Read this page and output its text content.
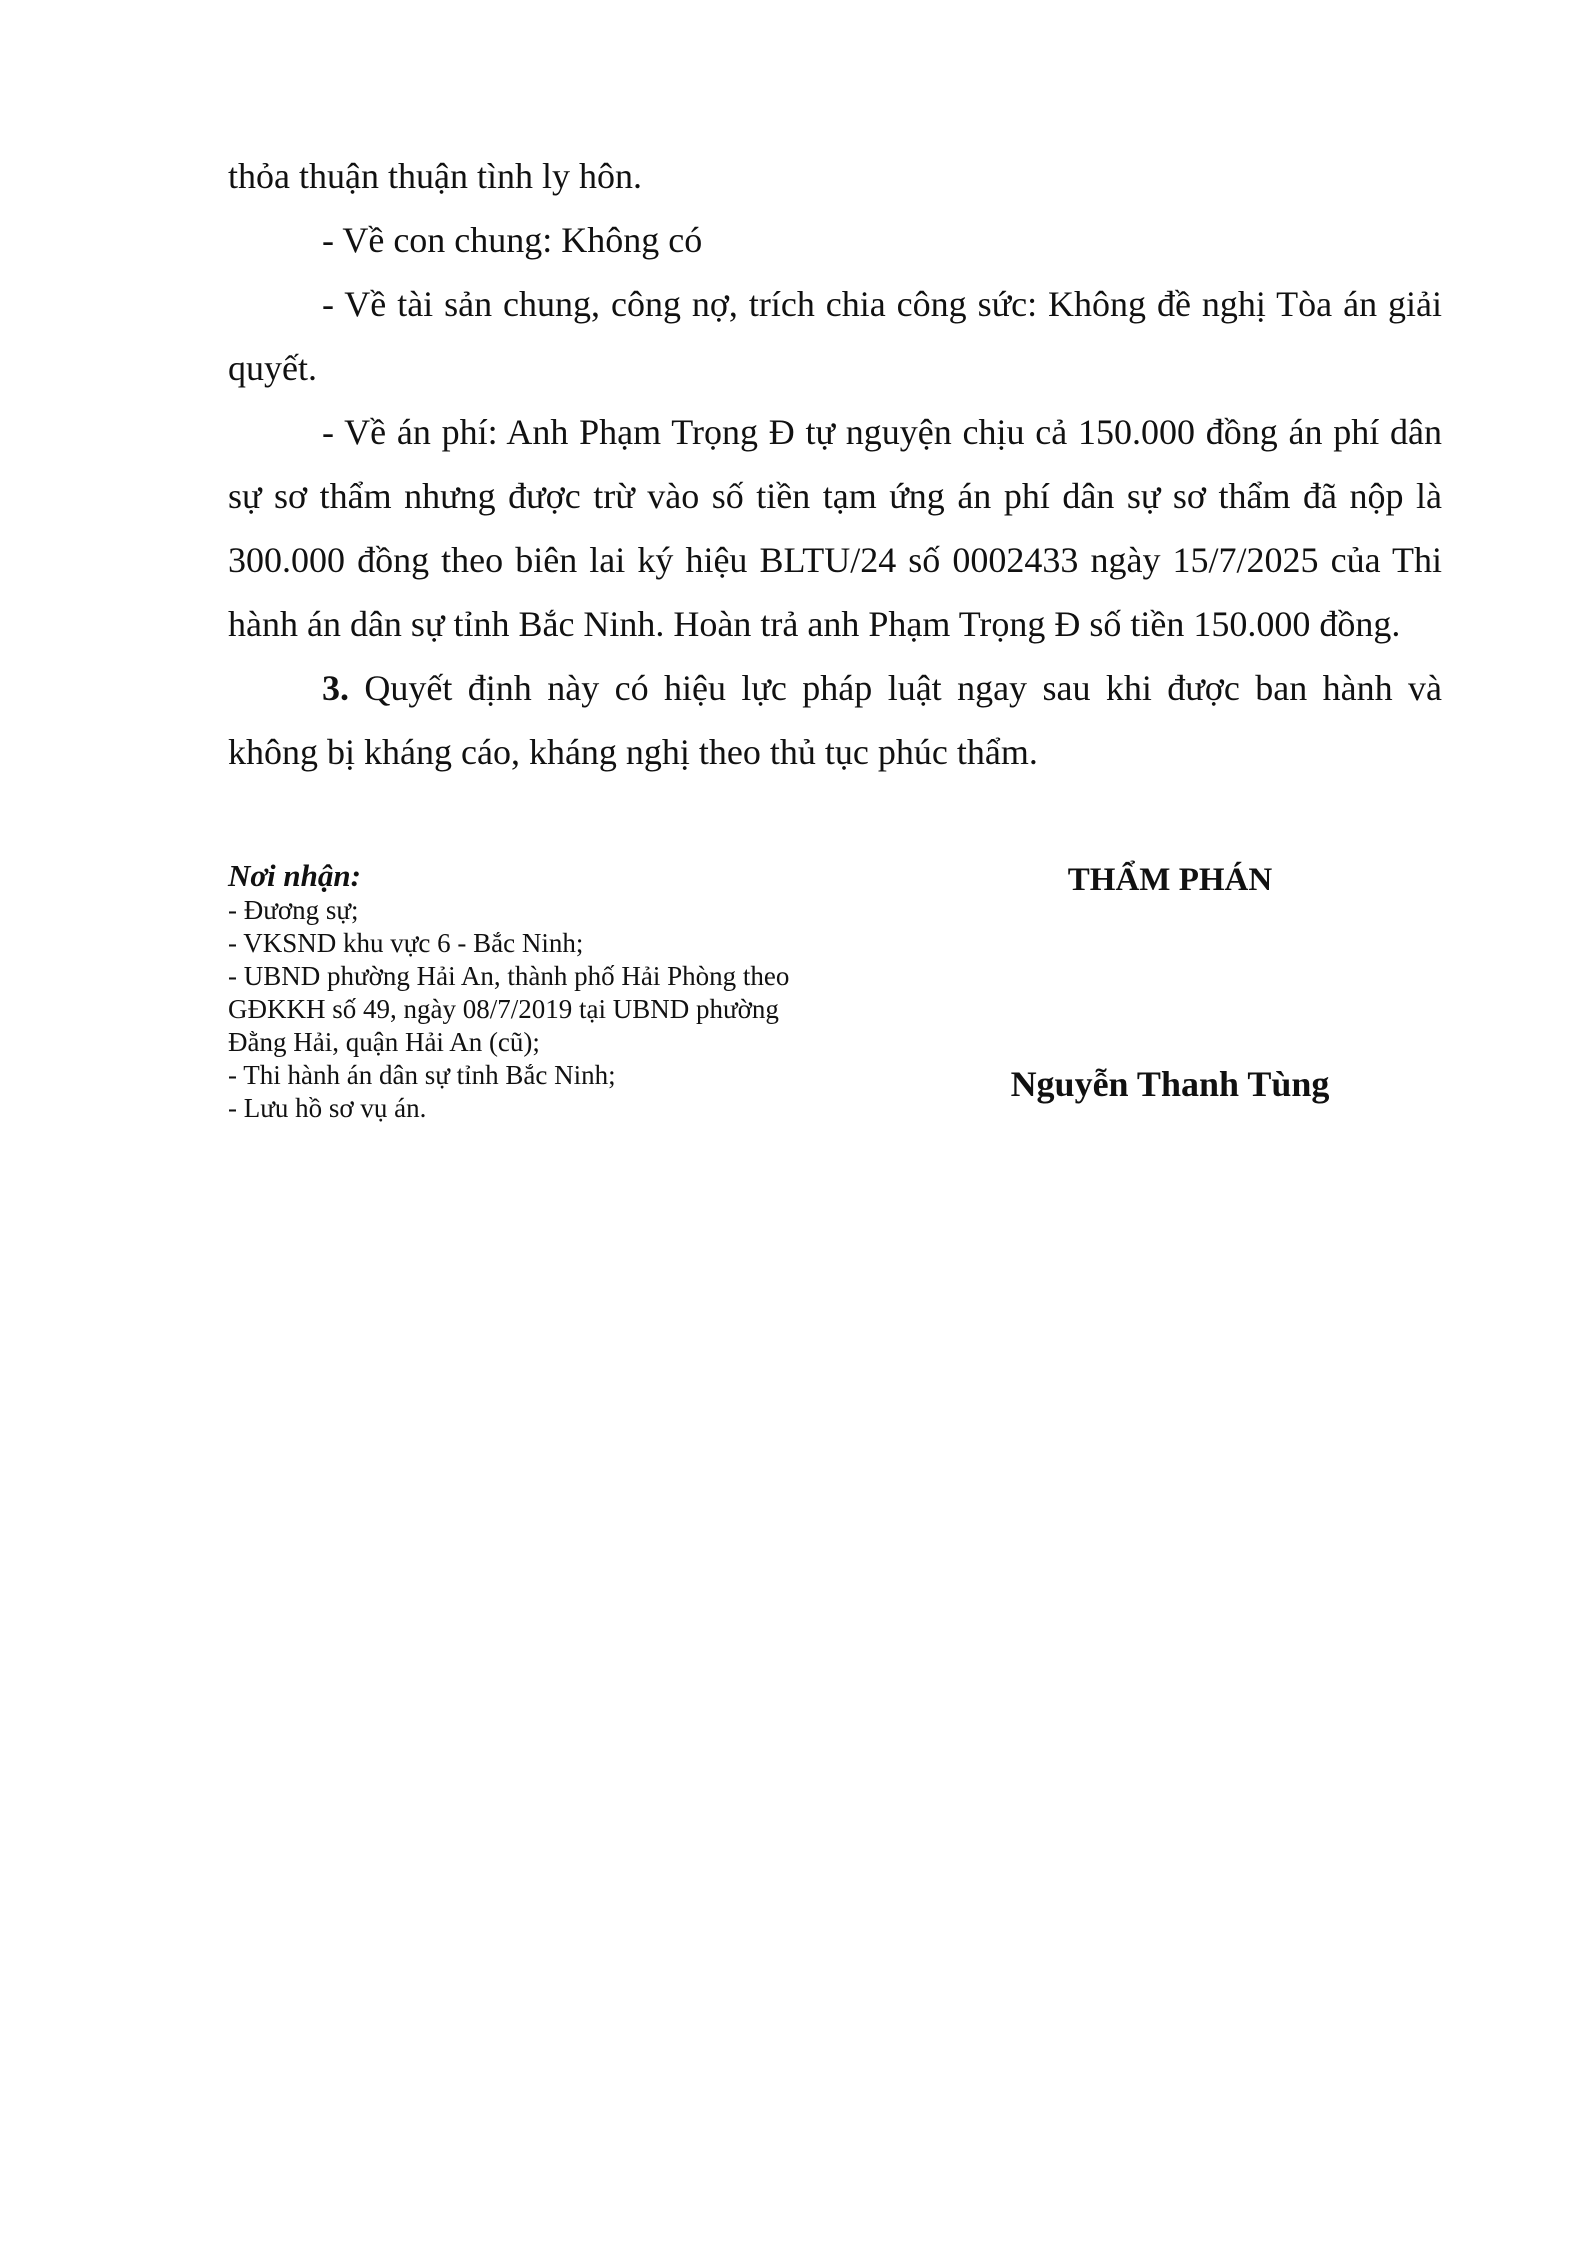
thỏa thuận thuận tình ly hôn.

- Về con chung: Không có

- Về tài sản chung, công nợ, trích chia công sức: Không đề nghị Tòa án giải quyết.

- Về án phí: Anh Phạm Trọng Đ tự nguyện chịu cả 150.000 đồng án phí dân sự sơ thẩm nhưng được trừ vào số tiền tạm ứng án phí dân sự sơ thẩm đã nộp là 300.000 đồng theo biên lai ký hiệu BLTU/24 số 0002433 ngày 15/7/2025 của Thi hành án dân sự tỉnh Bắc Ninh. Hoàn trả anh Phạm Trọng Đ số tiền 150.000 đồng.

3. Quyết định này có hiệu lực pháp luật ngay sau khi được ban hành và không bị kháng cáo, kháng nghị theo thủ tục phúc thẩm.

Nơi nhận:
- Đương sự;
- VKSND khu vực 6 - Bắc Ninh;
- UBND phường Hải An, thành phố Hải Phòng theo
GĐKKH số 49, ngày 08/7/2019 tại UBND phường
Đằng Hải, quận Hải An (cũ);
- Thi hành án dân sự tỉnh Bắc Ninh;
- Lưu hồ sơ vụ án.
THẨM PHÁN
Nguyễn Thanh Tùng
